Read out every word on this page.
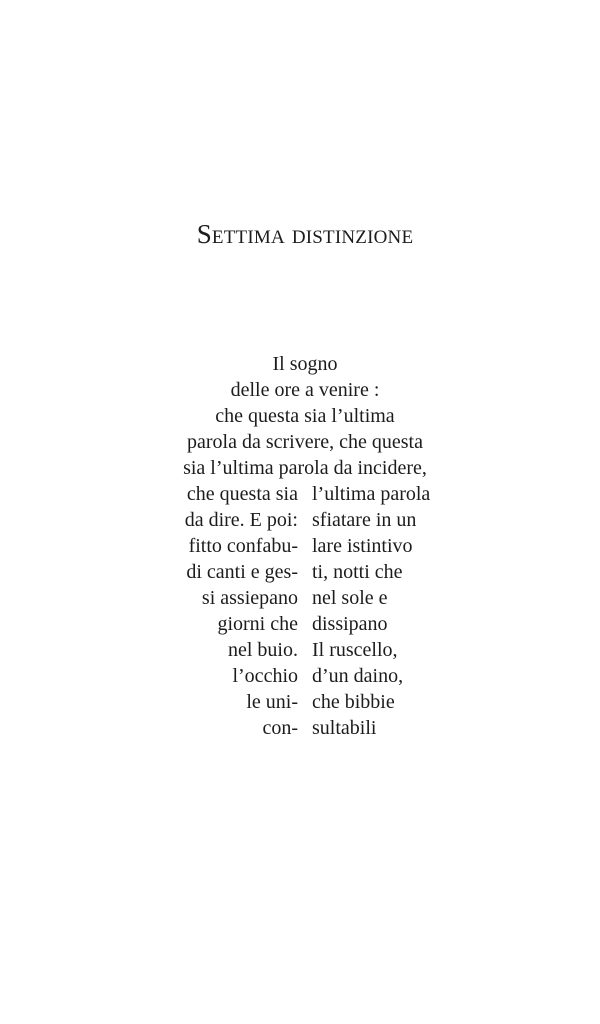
Settima distinzione
Il sogno
delle ore a venire :
che questa sia l’ultima
parola da scrivere, che questa
sia l’ultima parola da incidere,
che questa sia l’ultima parola
da dire. E poi: sfiatare in un
fitto confabu- lare istintivo
di canti e ges- ti, notti che
si assiepano nel sole e
giorni che dissipano
nel buio. Il ruscello,
l’occhio d’un daino,
le uni- che bibbie
con- sultabili
